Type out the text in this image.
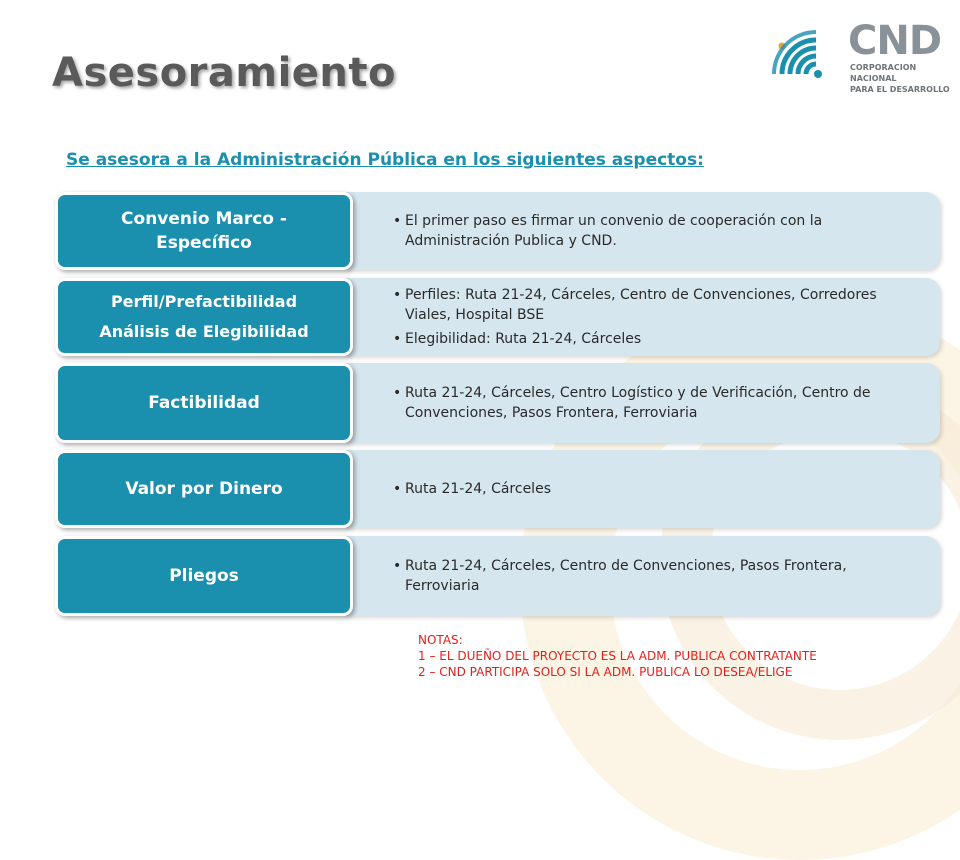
Asesoramiento
CND
CORPORACION NACIONAL
PARA EL DESARROLLO
Se asesora a la Administración Pública en los siguientes aspectos:
• El primer paso es firmar un convenio de cooperación con la Administración Publica y CND.
Convenio Marco -
Específico
• Perfiles: Ruta 21-24, Cárceles, Centro de Convenciones, Corredores Viales, Hospital BSE
• Elegibilidad: Ruta 21-24, Cárceles
Perfil/Prefactibilidad
Análisis de Elegibilidad
• Ruta 21-24, Cárceles, Centro Logístico y de Verificación, Centro de Convenciones, Pasos Frontera, Ferroviaria
Factibilidad
• Ruta 21-24, Cárceles
Valor por Dinero
• Ruta 21-24, Cárceles, Centro de Convenciones, Pasos Frontera, Ferroviaria
Pliegos
NOTAS:
1 – EL DUEÑO DEL PROYECTO ES LA ADM. PUBLICA CONTRATANTE
2 – CND PARTICIPA SOLO SI LA ADM. PUBLICA LO DESEA/ELIGE
